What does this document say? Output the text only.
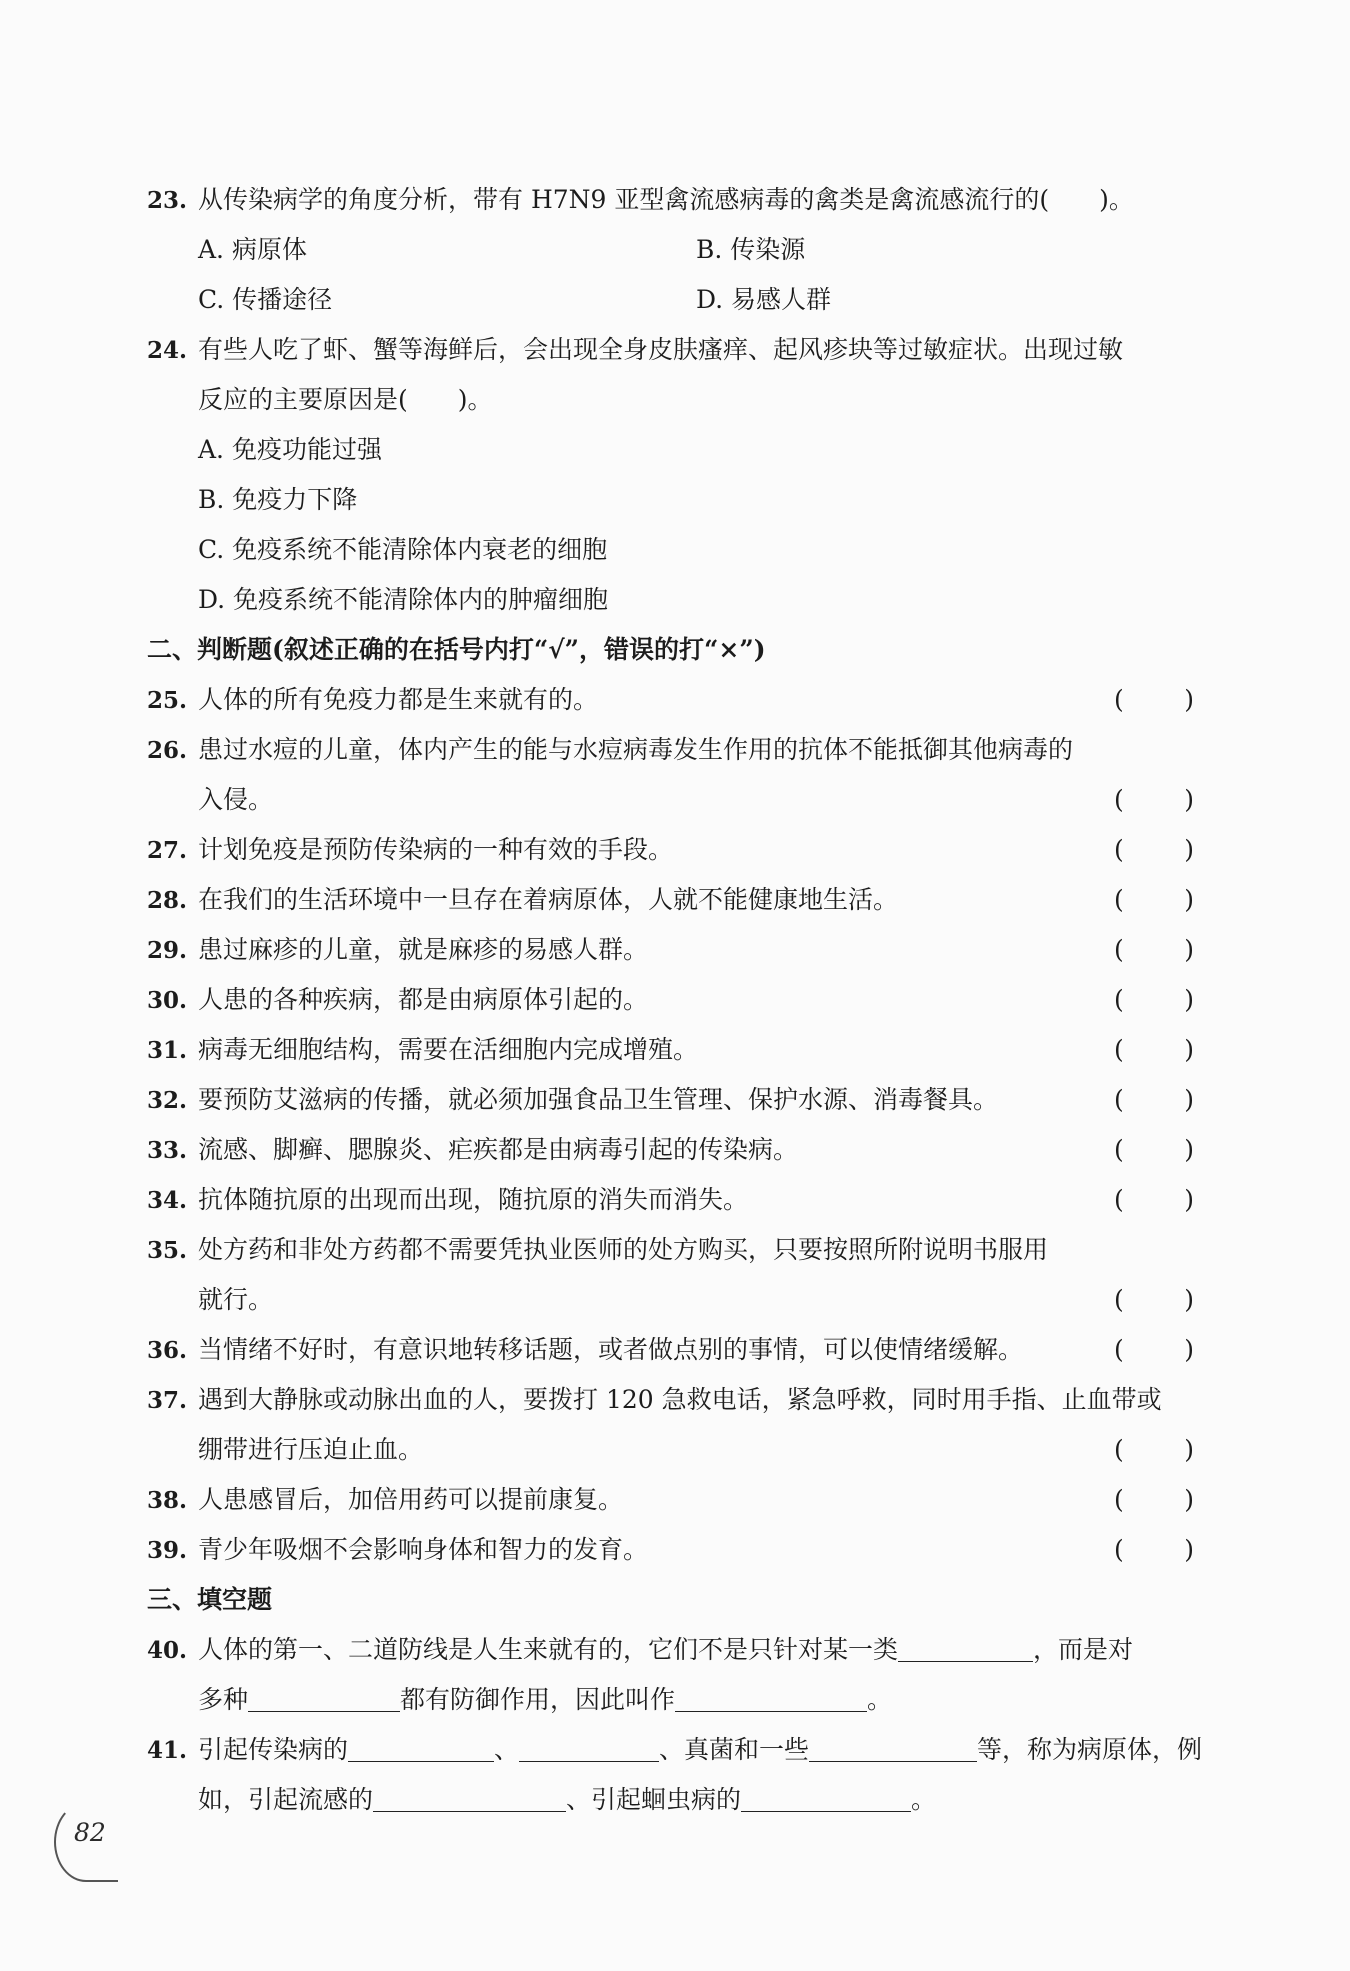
23. 从传染病学的角度分析，带有 H7N9 亚型禽流感病毒的禽类是禽流感流行的(　　)。
A. 病原体	B. 传染源
C. 传播途径	D. 易感人群
24. 有些人吃了虾、蟹等海鲜后，会出现全身皮肤瘙痒、起风疹块等过敏症状。出现过敏
反应的主要原因是(　　)。
A. 免疫功能过强
B. 免疫力下降
C. 免疫系统不能清除体内衰老的细胞
D. 免疫系统不能清除体内的肿瘤细胞
二、判断题(叙述正确的在括号内打“√”，错误的打“×”)
25. 人体的所有免疫力都是生来就有的。	( )
26. 患过水痘的儿童，体内产生的能与水痘病毒发生作用的抗体不能抵御其他病毒的
入侵。	( )
27. 计划免疫是预防传染病的一种有效的手段。	( )
28. 在我们的生活环境中一旦存在着病原体，人就不能健康地生活。	( )
29. 患过麻疹的儿童，就是麻疹的易感人群。	( )
30. 人患的各种疾病，都是由病原体引起的。	( )
31. 病毒无细胞结构，需要在活细胞内完成增殖。	( )
32. 要预防艾滋病的传播，就必须加强食品卫生管理、保护水源、消毒餐具。	( )
33. 流感、脚癣、腮腺炎、疟疾都是由病毒引起的传染病。	( )
34. 抗体随抗原的出现而出现，随抗原的消失而消失。	( )
35. 处方药和非处方药都不需要凭执业医师的处方购买，只要按照所附说明书服用
就行。	( )
36. 当情绪不好时，有意识地转移话题，或者做点别的事情，可以使情绪缓解。	( )
37. 遇到大静脉或动脉出血的人，要拨打 120 急救电话，紧急呼救，同时用手指、止血带或
绷带进行压迫止血。	( )
38. 人患感冒后，加倍用药可以提前康复。	( )
39. 青少年吸烟不会影响身体和智力的发育。	( )
三、填空题
40. 人体的第一、二道防线是人生来就有的，它们不是只针对某一类	，而是对
多种	都有防御作用，因此叫作	。
41. 引起传染病的	、	、真菌和一些	等，称为病原体，例
如，引起流感的	、引起蛔虫病的	。
82
